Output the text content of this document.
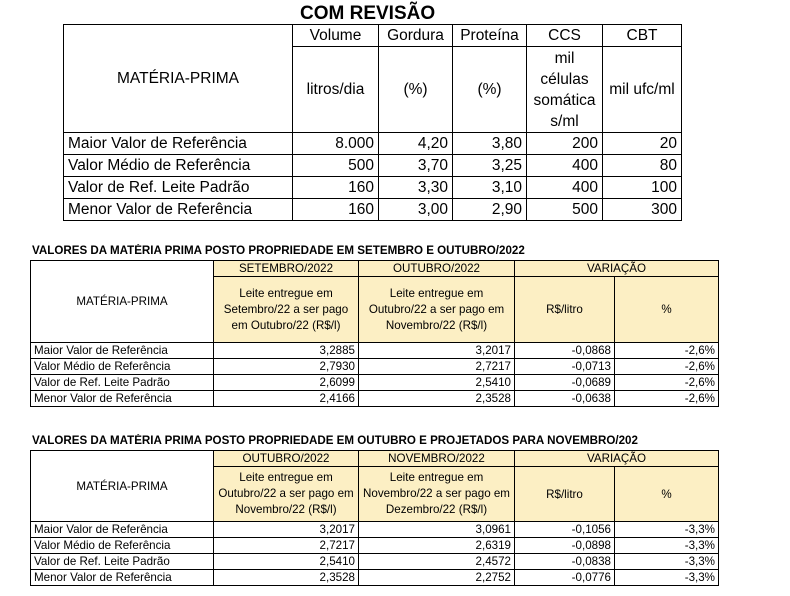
COM REVISÃO
MATÉRIA-PRIMA	Volume	Gordura	Proteína	CCS	CBT
	litros/dia	(%)	(%)	mil células somática s/ml	mil ufc/ml
Maior Valor de Referência	8.000	4,20	3,80	200	20
Valor Médio de Referência	500	3,70	3,25	400	80
Valor de Ref. Leite Padrão	160	3,30	3,10	400	100
Menor Valor de Referência	160	3,00	2,90	500	300
VALORES DA MATÉRIA PRIMA POSTO PROPRIEDADE EM SETEMBRO E OUTUBRO/2022
MATÉRIA-PRIMA	SETEMBRO/2022	OUTUBRO/2022	VARIAÇÃO	
	Leite entregue em Setembro/22 a ser pago em Outubro/22 (R$/l)	Leite entregue em Outubro/22 a ser pago em Novembro/22 (R$/l)	R$/litro	%
Maior Valor de Referência	3,2885	3,2017	-0,0868	-2,6%
Valor Médio de Referência	2,7930	2,7217	-0,0713	-2,6%
Valor de Ref. Leite Padrão	2,6099	2,5410	-0,0689	-2,6%
Menor Valor de Referência	2,4166	2,3528	-0,0638	-2,6%
VALORES DA MATÉRIA PRIMA POSTO PROPRIEDADE EM OUTUBRO E PROJETADOS PARA NOVEMBRO/202
MATÉRIA-PRIMA	OUTUBRO/2022	NOVEMBRO/2022	VARIAÇÃO	
	Leite entregue em Outubro/22 a ser pago em Novembro/22 (R$/l)	Leite entregue em Novembro/22 a ser pago em Dezembro/22 (R$/l)	R$/litro	%
Maior Valor de Referência	3,2017	3,0961	-0,1056	-3,3%
Valor Médio de Referência	2,7217	2,6319	-0,0898	-3,3%
Valor de Ref. Leite Padrão	2,5410	2,4572	-0,0838	-3,3%
Menor Valor de Referência	2,3528	2,2752	-0,0776	-3,3%
